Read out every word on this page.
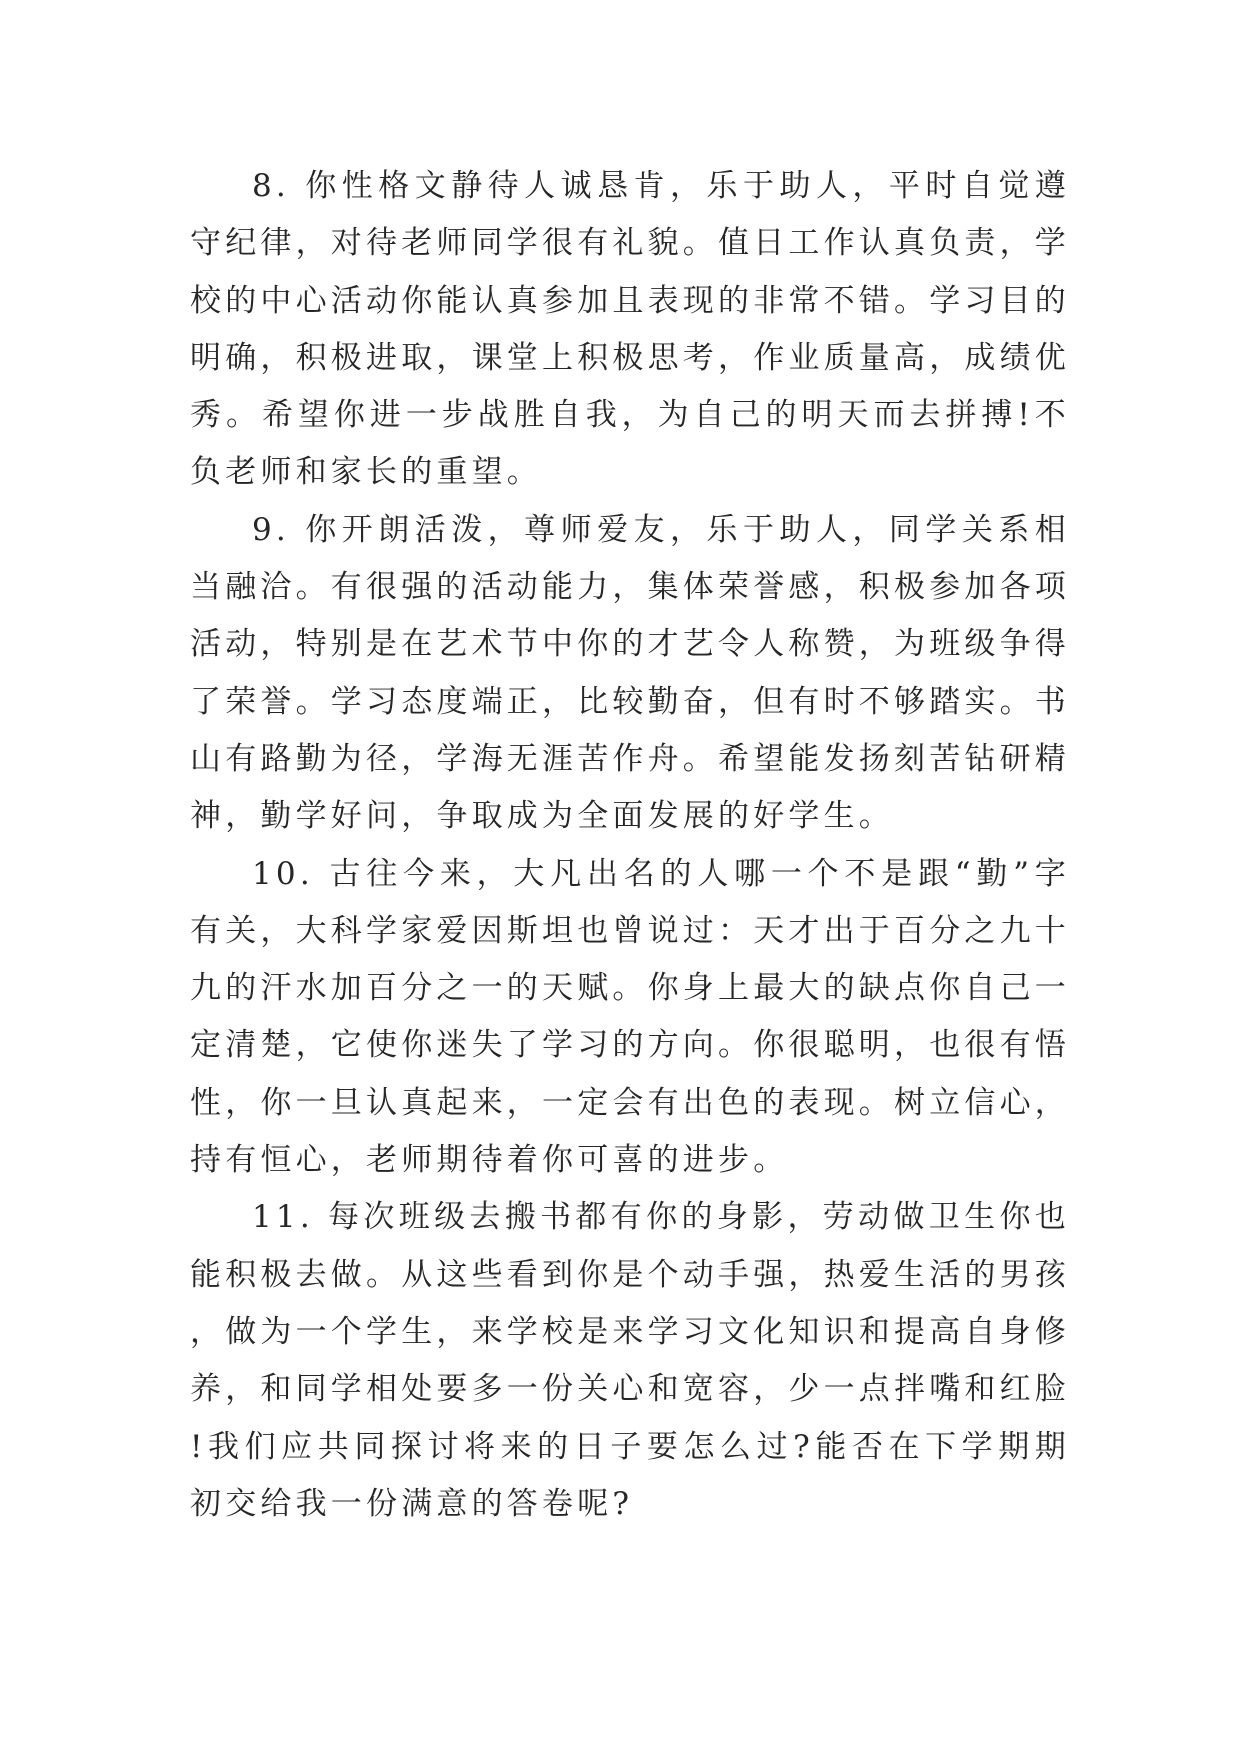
8. 你性格文静待人诚恳肯，乐于助人，平时自觉遵守纪律，对待老师同学很有礼貌。值日工作认真负责，学校的中心活动你能认真参加且表现的非常不错。学习目的明确，积极进取，课堂上积极思考，作业质量高，成绩优秀。希望你进一步战胜自我，为自己的明天而去拼搏!不负老师和家长的重望。

9. 你开朗活泼，尊师爱友，乐于助人，同学关系相当融洽。有很强的活动能力，集体荣誉感，积极参加各项活动，特别是在艺术节中你的才艺令人称赞，为班级争得了荣誉。学习态度端正，比较勤奋，但有时不够踏实。书山有路勤为径，学海无涯苦作舟。希望能发扬刻苦钻研精神，勤学好问，争取成为全面发展的好学生。

10. 古往今来，大凡出名的人哪一个不是跟“勤”字有关，大科学家爱因斯坦也曾说过：天才出于百分之九十九的汗水加百分之一的天赋。你身上最大的缺点你自己一定清楚，它使你迷失了学习的方向。你很聪明，也很有悟性，你一旦认真起来，一定会有出色的表现。树立信心，持有恒心，老师期待着你可喜的进步。

11. 每次班级去搬书都有你的身影，劳动做卫生你也能积极去做。从这些看到你是个动手强，热爱生活的男孩，做为一个学生，来学校是来学习文化知识和提高自身修养，和同学相处要多一份关心和宽容，少一点拌嘴和红脸!我们应共同探讨将来的日子要怎么过?能否在下学期期初交给我一份满意的答卷呢?
